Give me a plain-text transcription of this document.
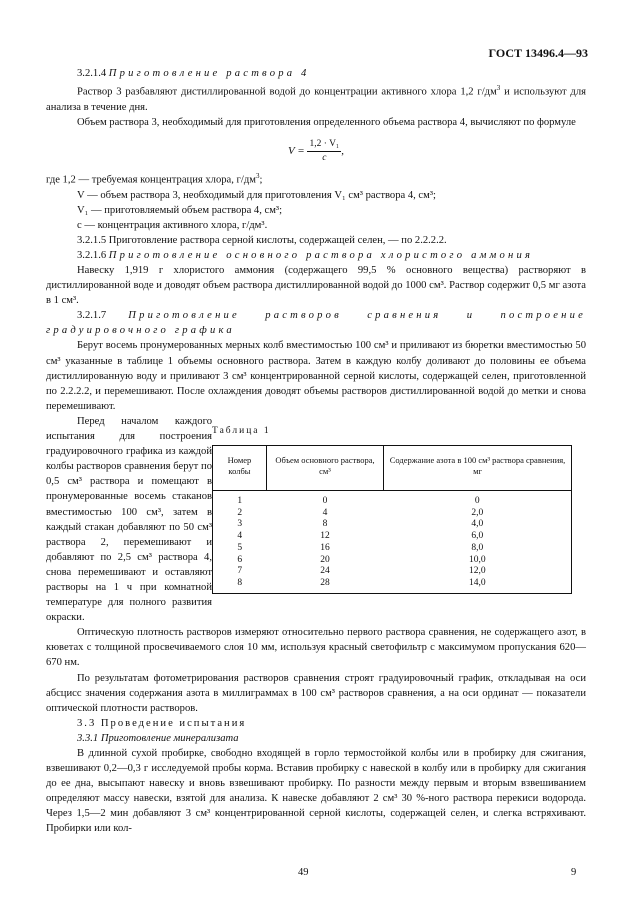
ГОСТ 13496.4—93

3.2.1.4 Приготовление раствора 4

Раствор 3 разбавляют дистиллированной водой до концентрации активного хлора 1,2 $г/дм^3$ и используют для анализа в течение дня.

Объем раствора 3, необходимый для приготовления определенного объема раствора 4, вычисляют по формуле

$V = \frac{\text{1,2 · V₁}}{c}$ ,

где 1,2 — требуемая концентрация хлора, $г/дм^3$;

V — объем раствора 3, необходимый для приготовления V₁ см³ раствора 4, см³;

V₁ — приготовляемый объем раствора 4, см³;

c — концентрация активного хлора, г/дм³.

3.2.1.5 Приготовление раствора серной кислоты, содержащей селен, — по 2.2.2.2.

3.2.1.6 Приготовление основного раствора хлористого аммония

Навеску 1,919 г хлористого аммония (содержащего 99,5 % основного вещества) растворяют в дистиллированной воде и доводят объем раствора дистиллированной водой до 1000 см³. Раствор содержит 0,5 мг азота в 1 см³.

3.2.1.7 Приготовление растворов сравнения и построение градуировочного графика

Берут восемь пронумерованных мерных колб вместимостью 100 см³ и приливают из бюретки вместимостью 50 см³ указанные в таблице 1 объемы основного раствора. Затем в каждую колбу доливают до половины ее объема дистиллированную воду и приливают 3 см³ концентрированной серной кислоты, содержащей селен, приготовленной по 2.2.2.2, и перемешивают. После охлаждения доводят объемы растворов дистиллированной водой до метки и снова перемешивают.

Перед началом каждого испытания для построения градуировочного графика из каждой колбы растворов сравнения берут по 0,5 см³ раствора и помещают в пронумерованные восемь стаканов вместимостью 100 см³, затем в каждый стакан добавляют по 50 см³ раствора 2, перемешивают и добавляют по 2,5 см³ раствора 4, снова перемешивают и оставляют растворы на 1 ч при комнатной температуре для полного развития окраски.

Таблица 1
Номер колбы	Объем основного раствора, см³	Содержание азота в 100 см³ раствора сравнения, мг
1	0	0
2	4	2,0
3	8	4,0
4	12	6,0
5	16	8,0
6	20	10,0
7	24	12,0
8	28	14,0

Оптическую плотность растворов измеряют относительно первого раствора сравнения, не содержащего азот, в кюветах с толщиной просвечиваемого слоя 10 мм, используя красный светофильтр с максимумом пропускания 620—670 нм.

По результатам фотометрирования растворов сравнения строят градуировочный график, откладывая на оси абсцисс значения содержания азота в миллиграммах в 100 см³ растворов сравнения, а на оси ординат — показатели оптической плотности растворов.

3.3 Проведение испытания

3.3.1 Приготовление минерализата

В длинной сухой пробирке, свободно входящей в горло термостойкой колбы или в пробирку для сжигания, взвешивают 0,2—0,3 г исследуемой пробы корма. Вставив пробирку с навеской в колбу или в пробирку для сжигания до ее дна, высыпают навеску и вновь взвешивают пробирку. По разности между первым и вторым взвешиванием определяют массу навески, взятой для анализа. К навеске добавляют 2 см³ 30 %-ного раствора перекиси водорода. Через 1,5—2 мин добавляют 3 см³ концентрированной серной кислоты, содержащей селен, и слегка встряхивают. Пробирки или кол-

49	9
